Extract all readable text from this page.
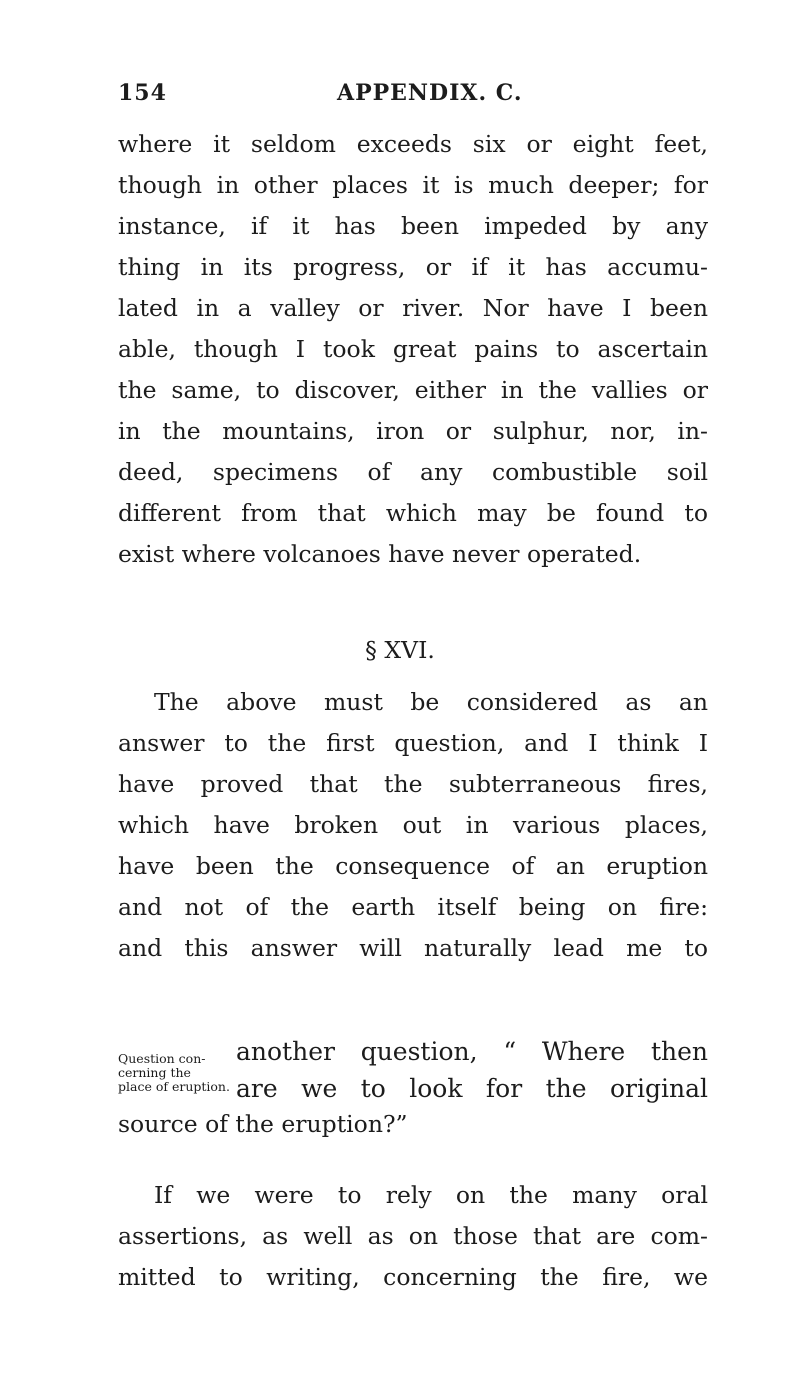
154	APPENDIX. C.
where it seldom exceeds six or eight feet,
though in other places it is much deeper; for
instance, if it has been impeded by any
thing in its progress, or if it has accumu-
lated in a valley or river. Nor have I been
able, though I took great pains to ascertain
the same, to discover, either in the vallies or
in the mountains, iron or sulphur, nor, in-
deed, specimens of any combustible soil
different from that which may be found to
exist where volcanoes have never operated.
§ XVI.
The above must be considered as an
answer to the first question, and I think I
have proved that the subterraneous fires,
which have broken out in various places,
have been the consequence of an eruption
and not of the earth itself being on fire:
and this answer will naturally lead me to
Question con-
cerning the
place of eruption.
another question, “ Where then
are we to look for the original
source of the eruption?”
If we were to rely on the many oral
assertions, as well as on those that are com-
mitted to writing, concerning the fire, we
